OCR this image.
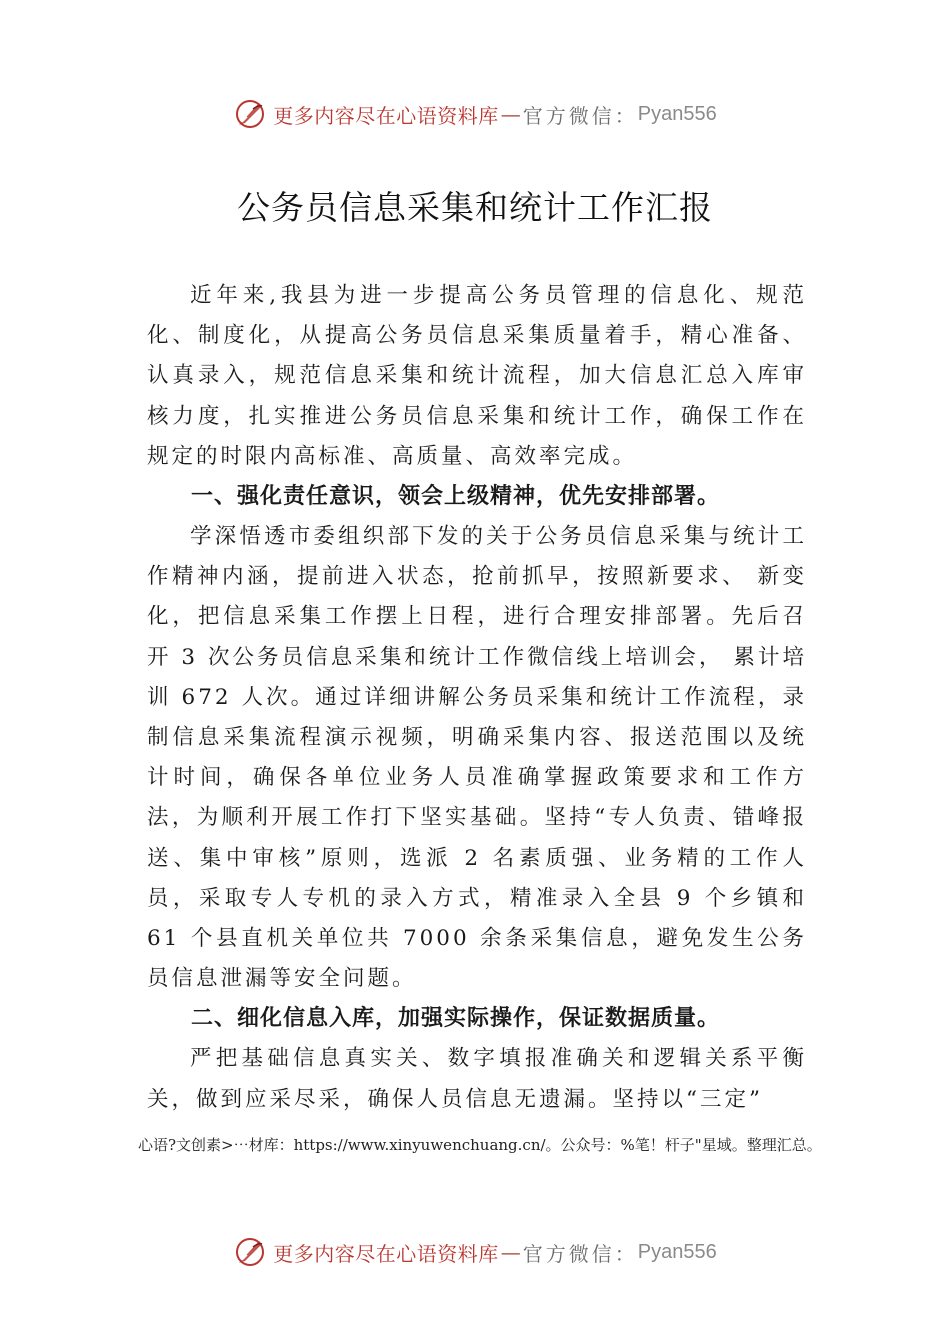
更多内容尽在心语资料库 — 官方微信： Pyan556
公务员信息采集和统计工作汇报

近年来,我县为进一步提高公务员管理的信息化、规范化、制度化，从提高公务员信息采集质量着手，精心准备、认真录入，规范信息采集和统计流程，加大信息汇总入库审核力度，扎实推进公务员信息采集和统计工作，确保工作在规定的时限内高标准、高质量、高效率完成。

一、强化责任意识，领会上级精神，优先安排部署。

学深悟透市委组织部下发的关于公务员信息采集与统计工作精神内涵，提前进入状态，抢前抓早，按照新要求、 新变化，把信息采集工作摆上日程，进行合理安排部署。先后召开 3 次公务员信息采集和统计工作微信线上培训会， 累计培训 672 人次。通过详细讲解公务员采集和统计工作流程，录制信息采集流程演示视频，明确采集内容、报送范围以及统计时间，确保各单位业务人员准确掌握政策要求和工作方法，为顺利开展工作打下坚实基础。坚持“专人负责、错峰报送、集中审核”原则，选派 2 名素质强、业务精的工作人员，采取专人专机的录入方式，精准录入全县 9 个乡镇和 61 个县直机关单位共 7000 余条采集信息，避免发生公务员信息泄漏等安全问题。

二、细化信息入库，加强实际操作，保证数据质量。

严把基础信息真实关、数字填报准确关和逻辑关系平衡关，做到应采尽采，确保人员信息无遗漏。坚持以“三定”

心语?文创素>⋯材库：https://www.xinyuwenchuang.cn/。公众号：%笔！杆子"星域。整理汇总。

更多内容尽在心语资料库 — 官方微信： Pyan556
